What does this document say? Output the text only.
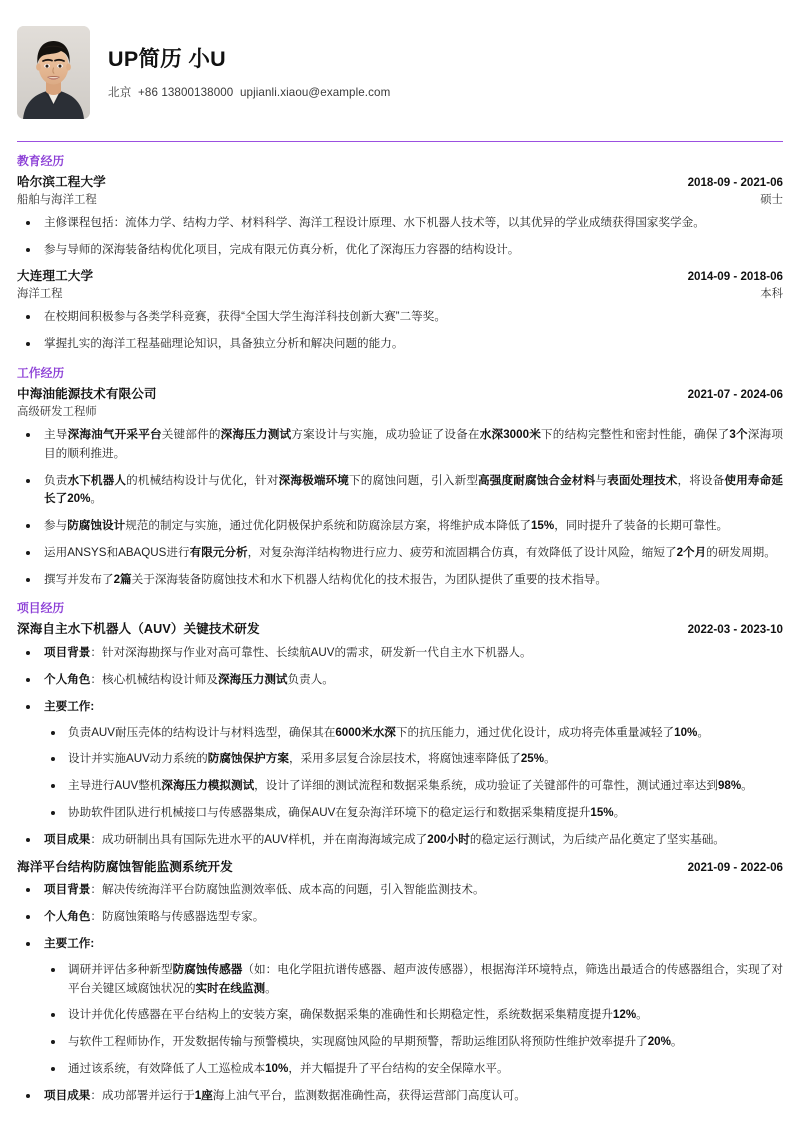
UP简历 小U
北京  +86 13800138000  upjianli.xiaou@example.com
教育经历
哈尔滨工程大学	2018-09 - 2021-06
船舶与海洋工程	硕士
主修课程包括：流体力学、结构力学、材料科学、海洋工程设计原理、水下机器人技术等，以其优异的学业成绩获得国家奖学金。
参与导师的深海装备结构优化项目，完成有限元仿真分析，优化了深海压力容器的结构设计。
大连理工大学	2014-09 - 2018-06
海洋工程	本科
在校期间积极参与各类学科竞赛，获得“全国大学生海洋科技创新大赛”二等奖。
掌握扎实的海洋工程基础理论知识，具备独立分析和解决问题的能力。
工作经历
中海油能源技术有限公司	2021-07 - 2024-06
高级研发工程师
主导深海油气开采平台关键部件的深海压力测试方案设计与实施，成功验证了设备在水深3000米下的结构完整性和密封性能，确保了3个深海项目的顺利推进。
负责水下机器人的机械结构设计与优化，针对深海极端环境下的腐蚀问题，引入新型高强度耐腐蚀合金材料与表面处理技术，将设备使用寿命延长了20%。
参与防腐蚀设计规范的制定与实施，通过优化阴极保护系统和防腐涂层方案，将维护成本降低了15%，同时提升了装备的长期可靠性。
运用ANSYS和ABAQUS进行有限元分析，对复杂海洋结构物进行应力、疲劳和流固耦合仿真，有效降低了设计风险，缩短了2个月的研发周期。
撰写并发布了2篇关于深海装备防腐蚀技术和水下机器人结构优化的技术报告，为团队提供了重要的技术指导。
项目经历
深海自主水下机器人（AUV）关键技术研发	2022-03 - 2023-10
项目背景：针对深海勘探与作业对高可靠性、长续航AUV的需求，研发新一代自主水下机器人。
个人角色：核心机械结构设计师及深海压力测试负责人。
主要工作:
负责AUV耐压壳体的结构设计与材料选型，确保其在6000米水深下的抗压能力，通过优化设计，成功将壳体重量减轻了10%。
设计并实施AUV动力系统的防腐蚀保护方案，采用多层复合涂层技术，将腐蚀速率降低了25%。
主导进行AUV整机深海压力模拟测试，设计了详细的测试流程和数据采集系统，成功验证了关键部件的可靠性，测试通过率达到98%。
协助软件团队进行机械接口与传感器集成，确保AUV在复杂海洋环境下的稳定运行和数据采集精度提升15%。
项目成果：成功研制出具有国际先进水平的AUV样机，并在南海海域完成了200小时的稳定运行测试，为后续产品化奠定了坚实基础。
海洋平台结构防腐蚀智能监测系统开发	2021-09 - 2022-06
项目背景：解决传统海洋平台防腐蚀监测效率低、成本高的问题，引入智能监测技术。
个人角色：防腐蚀策略与传感器选型专家。
主要工作:
调研并评估多种新型防腐蚀传感器（如：电化学阻抗谱传感器、超声波传感器），根据海洋环境特点，筛选出最适合的传感器组合，实现了对平台关键区域腐蚀状况的实时在线监测。
设计并优化传感器在平台结构上的安装方案，确保数据采集的准确性和长期稳定性，系统数据采集精度提升12%。
与软件工程师协作，开发数据传输与预警模块，实现腐蚀风险的早期预警，帮助运维团队将预防性维护效率提升了20%。
通过该系统，有效降低了人工巡检成本10%，并大幅提升了平台结构的安全保障水平。
项目成果：成功部署并运行于1座海上油气平台，监测数据准确性高，获得运营部门高度认可。
